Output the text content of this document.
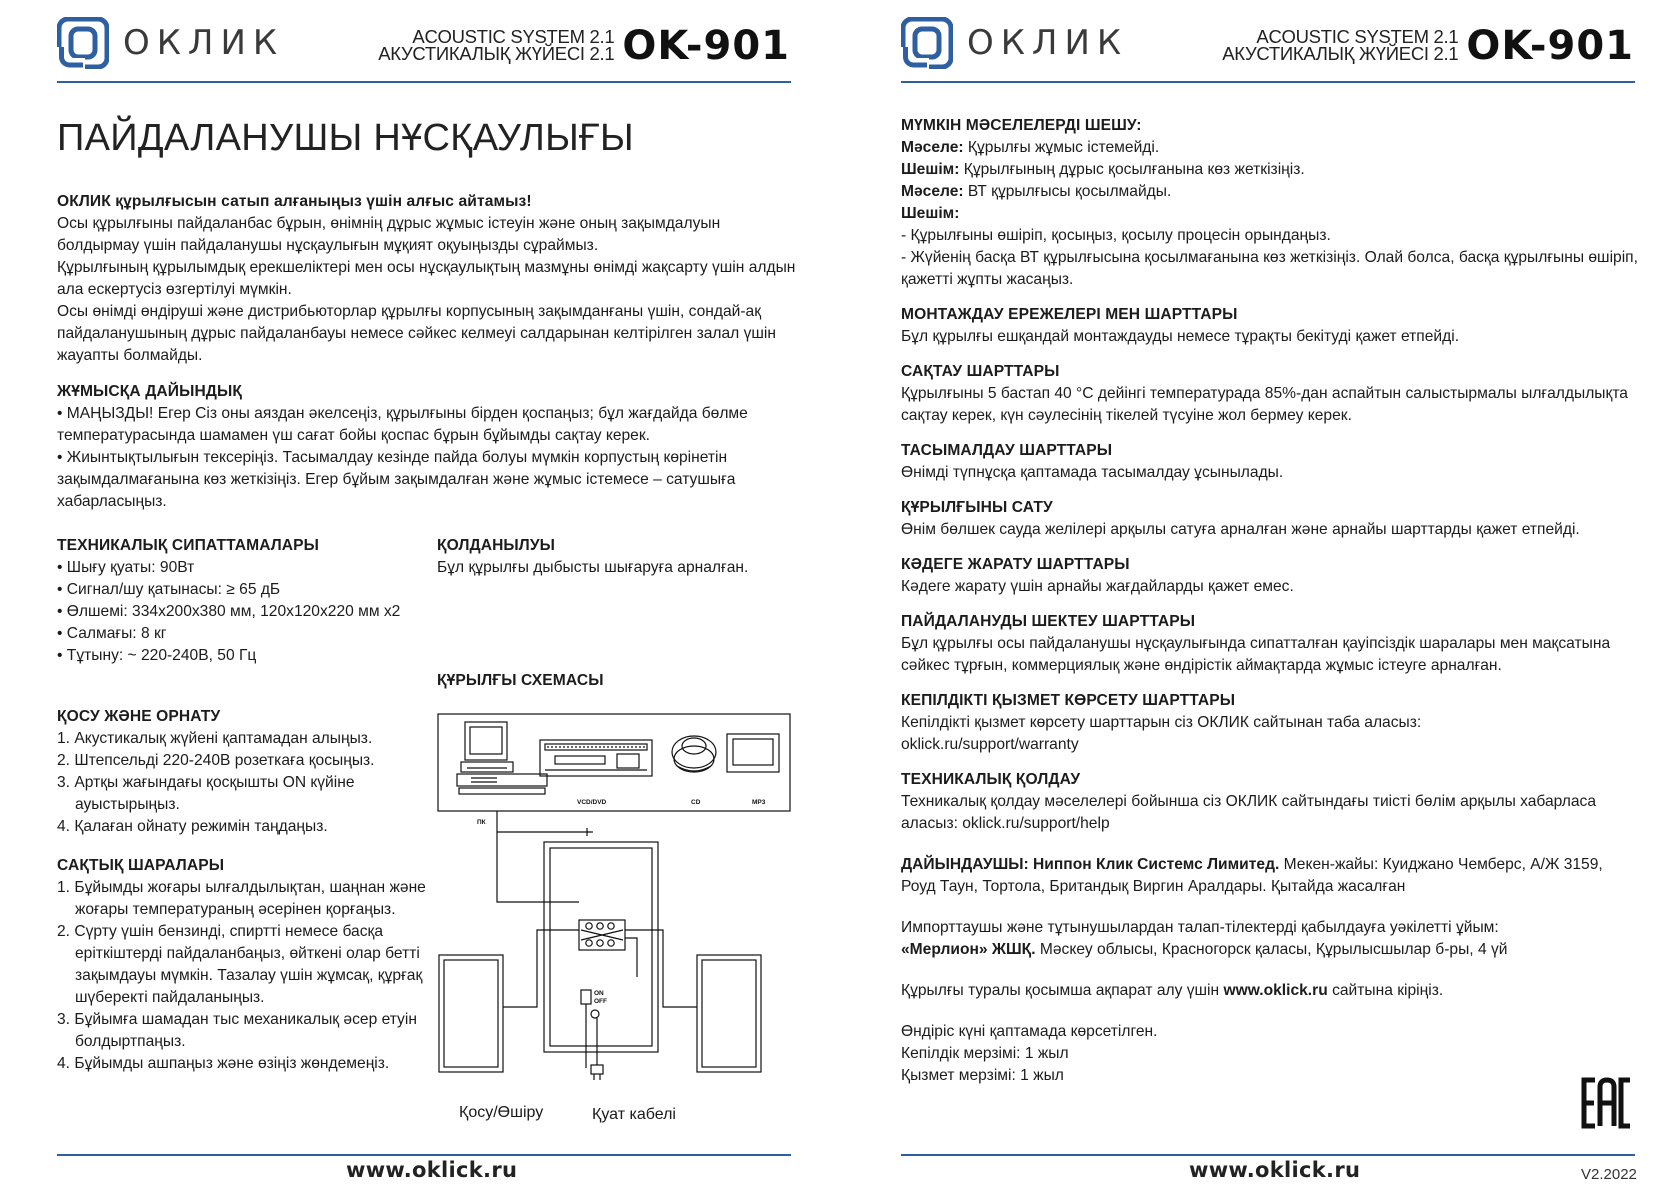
ОКЛИК	ACOUSTIC SYSTEM 2.1
АКУСТИКАЛЫҚ ЖҮЙЕСІ 2.1 OK-901
ПАЙДАЛАНУШЫ НҰСҚАУЛЫҒЫ

ОКЛИК құрылғысын сатып алғаныңыз үшін алғыс айтамыз!

Осы құрылғыны пайдаланбас бұрын, өнімнің дұрыс жұмыс істеуін және оның зақымдалуын болдырмау үшін пайдаланушы нұсқаулығын мұқият оқуыңызды сұраймыз.

Құрылғының құрылымдық ерекшеліктері мен осы нұсқаулықтың мазмұны өнімді жақсарту үшін алдын ала ескертусіз өзгертілуі мүмкін.

Осы өнімді өндіруші және дистрибьюторлар құрылғы корпусының зақымданғаны үшін, сондай-ақ пайдаланушының дұрыс пайдаланбауы немесе сәйкес келмеуі салдарынан келтірілген залал үшін жауапты болмайды.

ЖҰМЫСҚА ДАЙЫНДЫҚ

• МАҢЫЗДЫ! Егер Сіз оны аяздан әкелсеңіз, құрылғыны бірден қоспаңыз; бұл жағдайда бөлме температурасында шамамен үш сағат бойы қоспас бұрын бұйымды сақтау керек.

• Жиынтықтылығын тексеріңіз. Тасымалдау кезінде пайда болуы мүмкін корпустың көрінетін зақымдалмағанына көз жеткізіңіз. Егер бұйым зақымдалған және жұмыс істемесе – сатушыға хабарласыңыз.

ТЕХНИКАЛЫҚ СИПАТТАМАЛАРЫ

• Шығу қуаты: 90Вт
• Сигнал/шу қатынасы: ≥ 65 дБ
• Өлшемі: 334x200x380 мм, 120x120x220 мм x2
• Салмағы: 8 кг
• Тұтыну: ~ 220-240В, 50 Гц

ҚОЛДАНЫЛУЫ

Бұл құрылғы дыбысты шығаруға арналған.

ҚҰРЫЛҒЫ СХЕМАСЫ

ҚОСУ ЖӘНЕ ОРНАТУ

1. Акустикалық жүйені қаптамадан алыңыз.
2. Штепсельді 220-240В розеткаға қосыңыз.
3. Артқы жағындағы қосқышты ON күйіне ауыстырыңыз.
4. Қалаған ойнату режимін таңдаңыз.

САҚТЫҚ ШАРАЛАРЫ

1. Бұйымды жоғары ылғалдылықтан, шаңнан және жоғары температураның әсерінен қорғаңыз.
2. Сүрту үшін бензинді, спиртті немесе басқа еріткіштерді пайдаланбаңыз, өйткені олар бетті зақымдауы мүмкін. Тазалау үшін жұмсақ, құрғақ шүберекті пайдаланыңыз.
3. Бұйымға шамадан тыс механикалық әсер етуін болдыртпаңыз.
4. Бұйымды ашпаңыз және өзіңіз жөндемеңіз.
ПК
VCD/DVD	CD	MP3
ON
OFF
Қосу/Өшіру	Қуат кабелі
www.oklick.ru
ОКЛИК	ACOUSTIC SYSTEM 2.1
АКУСТИКАЛЫҚ ЖҮЙЕСІ 2.1 OK-901

МҮМКІН МӘСЕЛЕЛЕРДІ ШЕШУ:

Мәселе: Құрылғы жұмыс істемейді.

Шешім: Құрылғының дұрыс қосылғанына көз жеткізіңіз.

Мәселе: ВТ құрылғысы қосылмайды.

Шешім:

- Құрылғыны өшіріп, қосыңыз, қосылу процесін орындаңыз.

- Жүйенің басқа ВТ құрылғысына қосылмағанына көз жеткізіңіз. Олай болса, басқа құрылғыны өшіріп, қажетті жұпты жасаңыз.

МОНТАЖДАУ ЕРЕЖЕЛЕРІ МЕН ШАРТТАРЫ

Бұл құрылғы ешқандай монтаждауды немесе тұрақты бекітуді қажет етпейді.

САҚТАУ ШАРТТАРЫ

Құрылғыны 5 бастап 40 °С дейінгі температурада 85%-дан аспайтын салыстырмалы ылғалдылықта сақтау керек, күн сәулесінің тікелей түсуіне жол бермеу керек.

ТАСЫМАЛДАУ ШАРТТАРЫ

Өнімді түпнұсқа қаптамада тасымалдау ұсынылады.

ҚҰРЫЛҒЫНЫ САТУ

Өнім бөлшек сауда желілері арқылы сатуға арналған және арнайы шарттарды қажет етпейді.

КӘДЕГЕ ЖАРАТУ ШАРТТАРЫ

Кәдеге жарату үшін арнайы жағдайларды қажет емес.

ПАЙДАЛАНУДЫ ШЕКТЕУ ШАРТТАРЫ

Бұл құрылғы осы пайдаланушы нұсқаулығында сипатталған қауіпсіздік шаралары мен мақсатына сәйкес тұрғын, коммерциялық және өндірістік аймақтарда жұмыс істеуге арналған.

КЕПІЛДІКТІ ҚЫЗМЕТ КӨРСЕТУ ШАРТТАРЫ

Кепілдікті қызмет көрсету шарттарын сіз ОКЛИК сайтынан таба аласыз:

oklick.ru/support/warranty

ТЕХНИКАЛЫҚ ҚОЛДАУ

Техникалық қолдау мәселелері бойынша сіз ОКЛИК сайтындағы тиісті бөлім арқылы хабарласа аласыз: oklick.ru/support/help

ДАЙЫНДАУШЫ: Ниппон Клик Системс Лимитед. Мекен-жайы: Куиджано Чемберс, А/Ж 3159, Роуд Таун, Тортола, Британдық Виргин Аралдары. Қытайда жасалған

Импорттаушы және тұтынушылардан талап-тілектерді қабылдауға уәкілетті ұйым:

«Мерлион» ЖШҚ. Мәскеу облысы, Красногорск қаласы, Құрылысшылар б-ры, 4 үй

Құрылғы туралы қосымша ақпарат алу үшін www.oklick.ru сайтына кіріңіз.

Өндіріс күні қаптамада көрсетілген.

Кепілдік мерзімі: 1 жыл

Қызмет мерзімі: 1 жыл

www.oklick.ru	V2.2022
